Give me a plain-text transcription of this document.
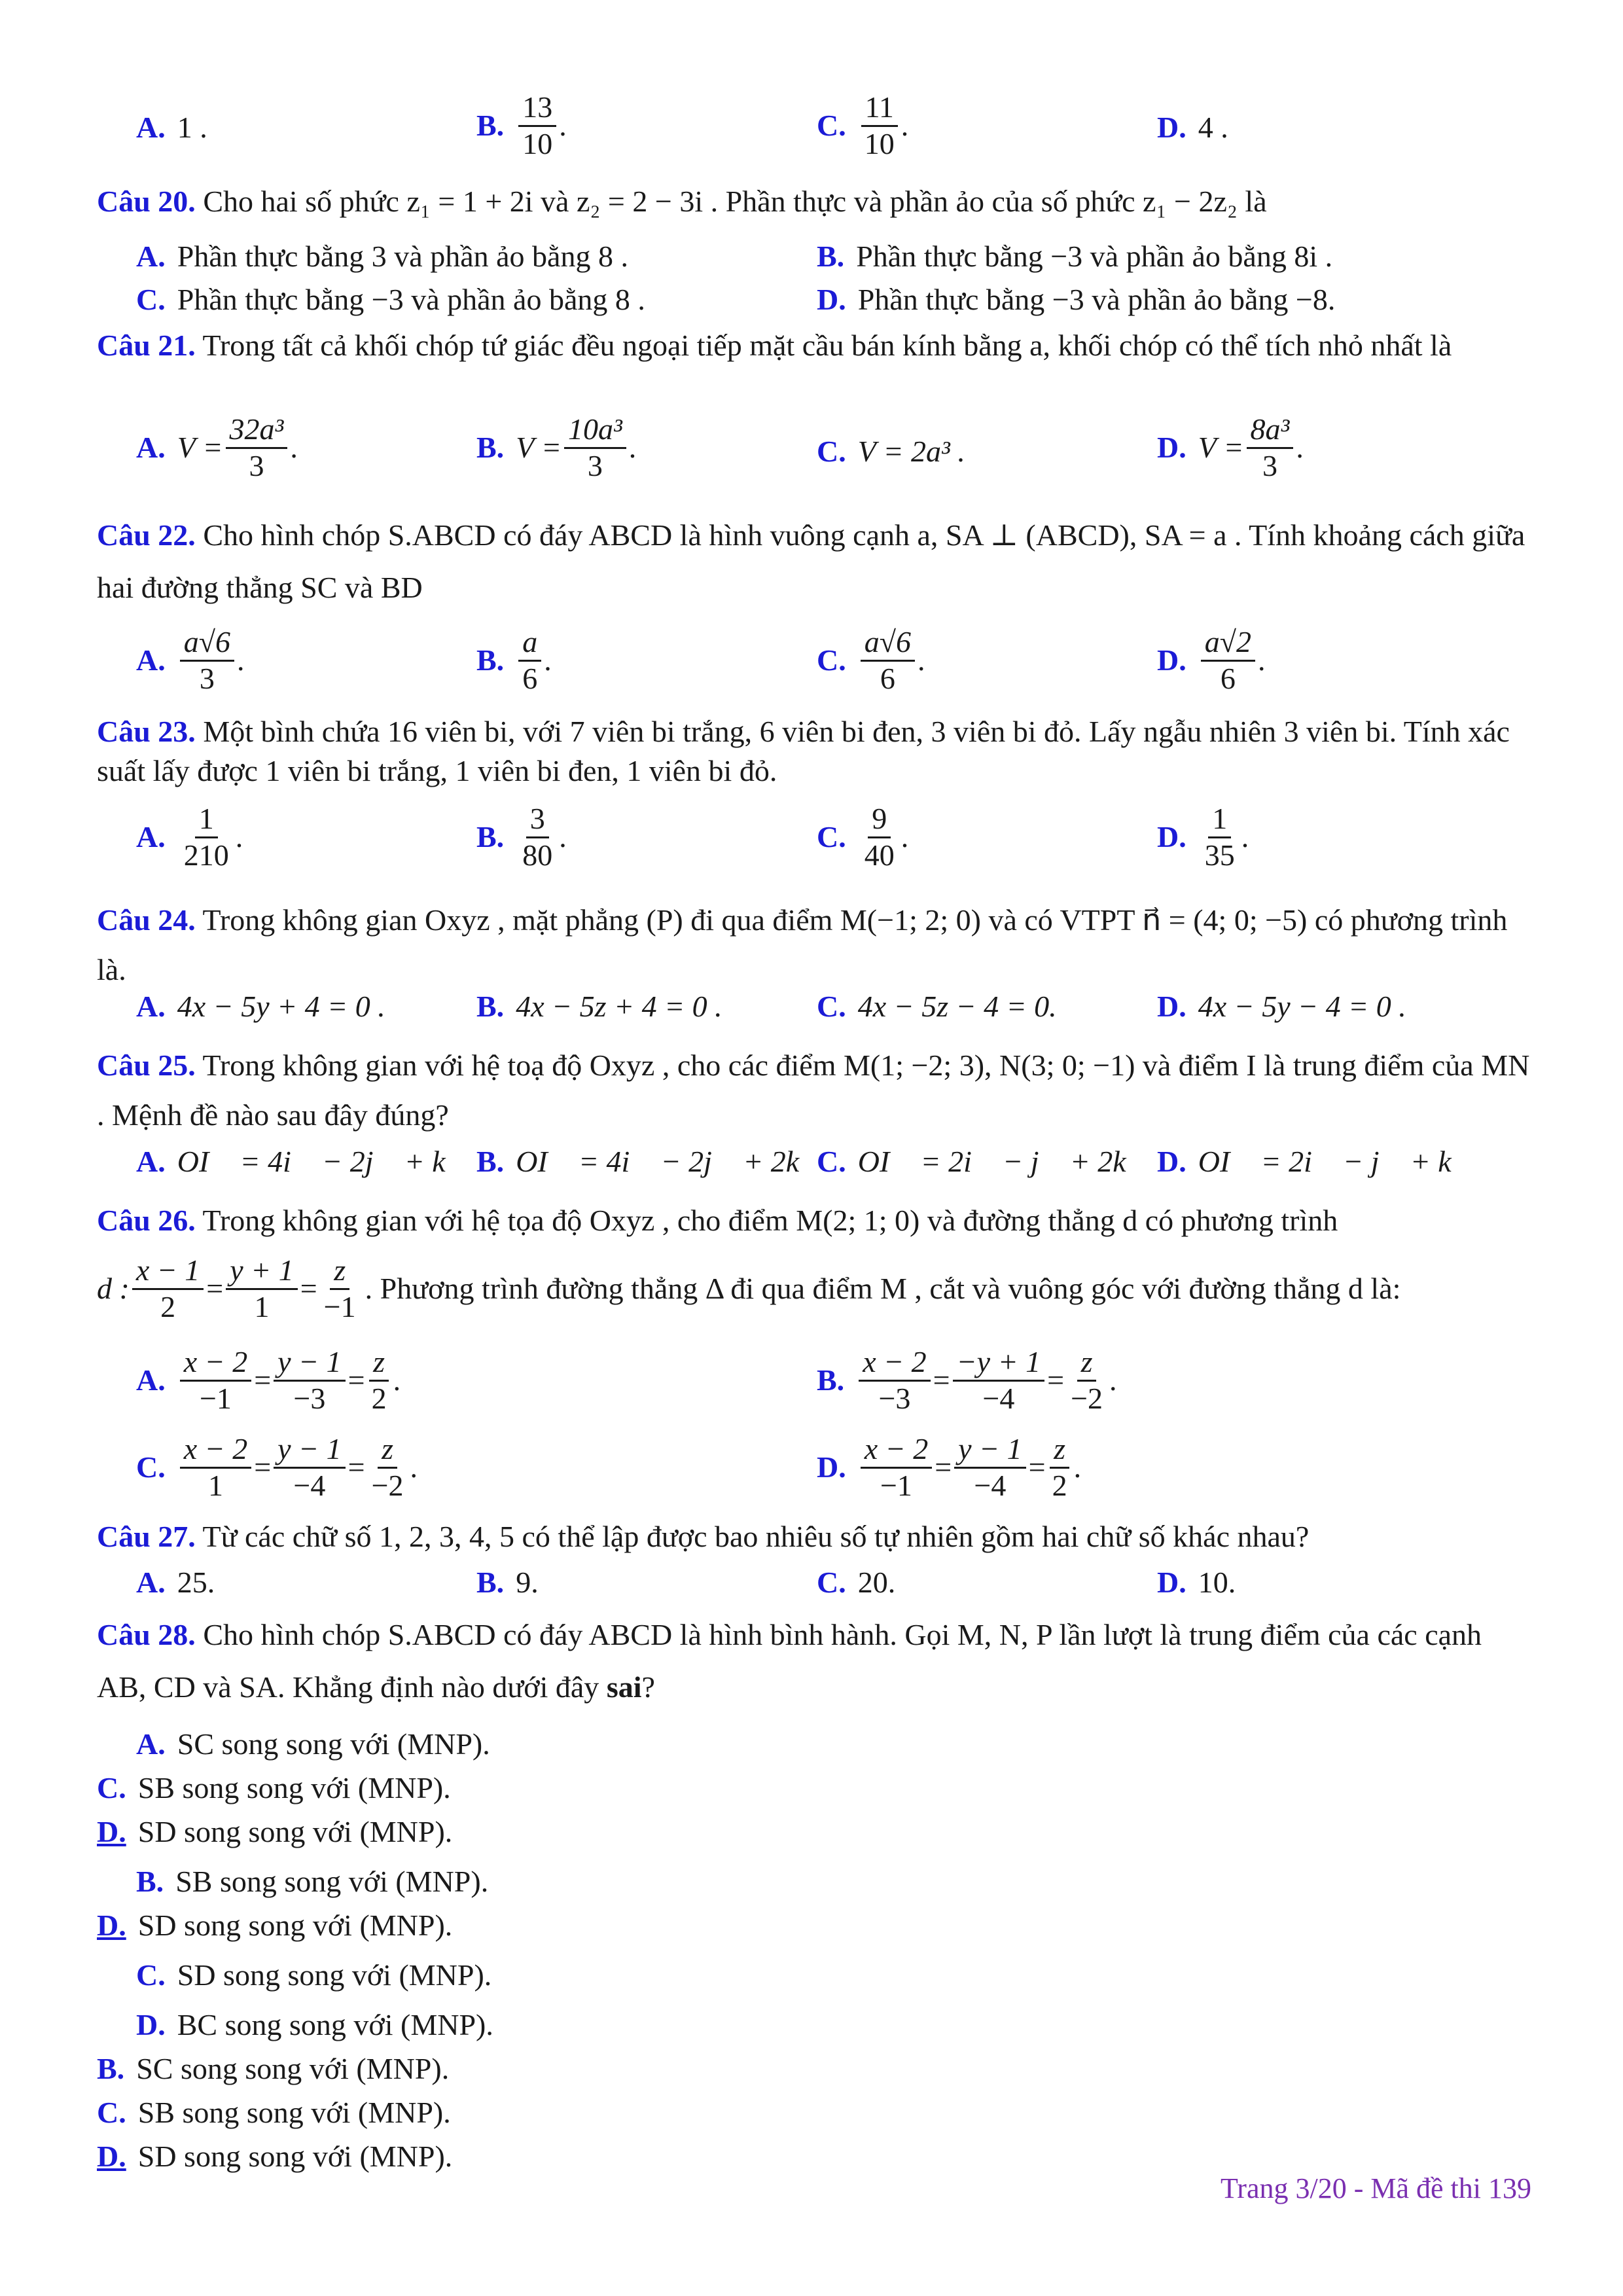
A. 1 .	B. $\frac{13}{10}$ .	C. $\frac{11}{10}$ .	D. 4 .
Câu 20. Cho hai số phức z₁ = 1 + 2i và z₂ = 2 − 3i . Phần thực và phần ảo của số phức z₁ − 2z₂ là
A. Phần thực bằng 3 và phần ảo bằng 8 .	B. Phần thực bằng −3 và phần ảo bằng 8i .
C. Phần thực bằng −3 và phần ảo bằng 8 .	D. Phần thực bằng −3 và phần ảo bằng −8.
Câu 21. Trong tất cả khối chóp tứ giác đều ngoại tiếp mặt cầu bán kính bằng a, khối chóp có thể tích nhỏ nhất là
A. $V = \frac{\text{32a³}}{3}$ .	B. $V = \frac{\text{10a³}}{3}$ .	C. V = 2a³ .	D. $V = \frac{\text{8a³}}{3}$ .
Câu 22. Cho hình chóp S.ABCD có đáy ABCD là hình vuông cạnh a, SA ⊥ (ABCD), SA = a . Tính khoảng cách giữa hai đường thẳng SC và BD
A. $\frac{a√6}{3}$ .	B. $\frac{a}{6}$ .	C. $\frac{a√6}{6}$ .	D. $\frac{a√2}{6}$ .
Câu 23. Một bình chứa 16 viên bi, với 7 viên bi trắng, 6 viên bi đen, 3 viên bi đỏ. Lấy ngẫu nhiên 3 viên bi. Tính xác suất lấy được 1 viên bi trắng, 1 viên bi đen, 1 viên bi đỏ.
A. $\frac{1}{210}$ .	B. $\frac{3}{80}$ .	C. $\frac{9}{40}$ .	D. $\frac{1}{35}$ .
Câu 24. Trong không gian Oxyz , mặt phẳng (P) đi qua điểm M(−1; 2; 0) và có VTPT n⃗ = (4; 0; −5) có phương trình là.
A. 4x − 5y + 4 = 0 .	B. 4x − 5z + 4 = 0 .	C. 4x − 5z − 4 = 0.	D. 4x − 5y − 4 = 0 .
Câu 25. Trong không gian với hệ toạ độ Oxyz , cho các điểm M(1; −2; 3), N(3; 0; −1) và điểm I là trung điểm của MN . Mệnh đề nào sau đây đúng?
A. OI⃗ = 4i⃗ − 2j⃗ + k⃗ B. OI⃗ = 4i⃗ − 2j⃗ + 2k⃗
C. OI⃗ = 2i⃗ − j⃗ + 2k⃗ D. OI⃗ = 2i⃗ − j⃗ + k⃗
Câu 26. Trong không gian với hệ tọa độ Oxyz , cho điểm M(2; 1; 0) và đường thẳng d có phương trình
d : $\frac{x - 1}{2} = \frac{y + 1}{1} = \frac{z}{-1}$ . Phương trình đường thẳng Δ đi qua điểm M , cắt và vuông góc với đường thẳng d là:
A. $\frac{x - 2}{-1} = \frac{y - 1}{-3} = \frac{z}{2}$ .	B. $\frac{x - 2}{-3} = \frac{-y + 1}{-4} = \frac{z}{-2}$ .
C. $\frac{x - 2}{1} = \frac{y - 1}{-4} = \frac{z}{-2}$ .	D. $\frac{x - 2}{-1} = \frac{y - 1}{-4} = \frac{z}{2}$ .
Câu 27. Từ các chữ số 1, 2, 3, 4, 5 có thể lập được bao nhiêu số tự nhiên gồm hai chữ số khác nhau?
A. 25.	B. 9.	C. 20.	D. 10.
Câu 28. Cho hình chóp S.ABCD có đáy ABCD là hình bình hành. Gọi M, N, P lần lượt là trung điểm của các cạnh AB, CD và SA. Khẳng định nào dưới đây sai?
A. SC song song với (MNP).
C. SB song song với (MNP).
D. SD song song với (MNP).
B. SB song song với (MNP).
D. SD song song với (MNP).
C. SD song song với (MNP).
D. BC song song với (MNP).
B. SC song song với (MNP).
C. SB song song với (MNP).
D. SD song song với (MNP).
Trang 3/20 - Mã đề thi 139
